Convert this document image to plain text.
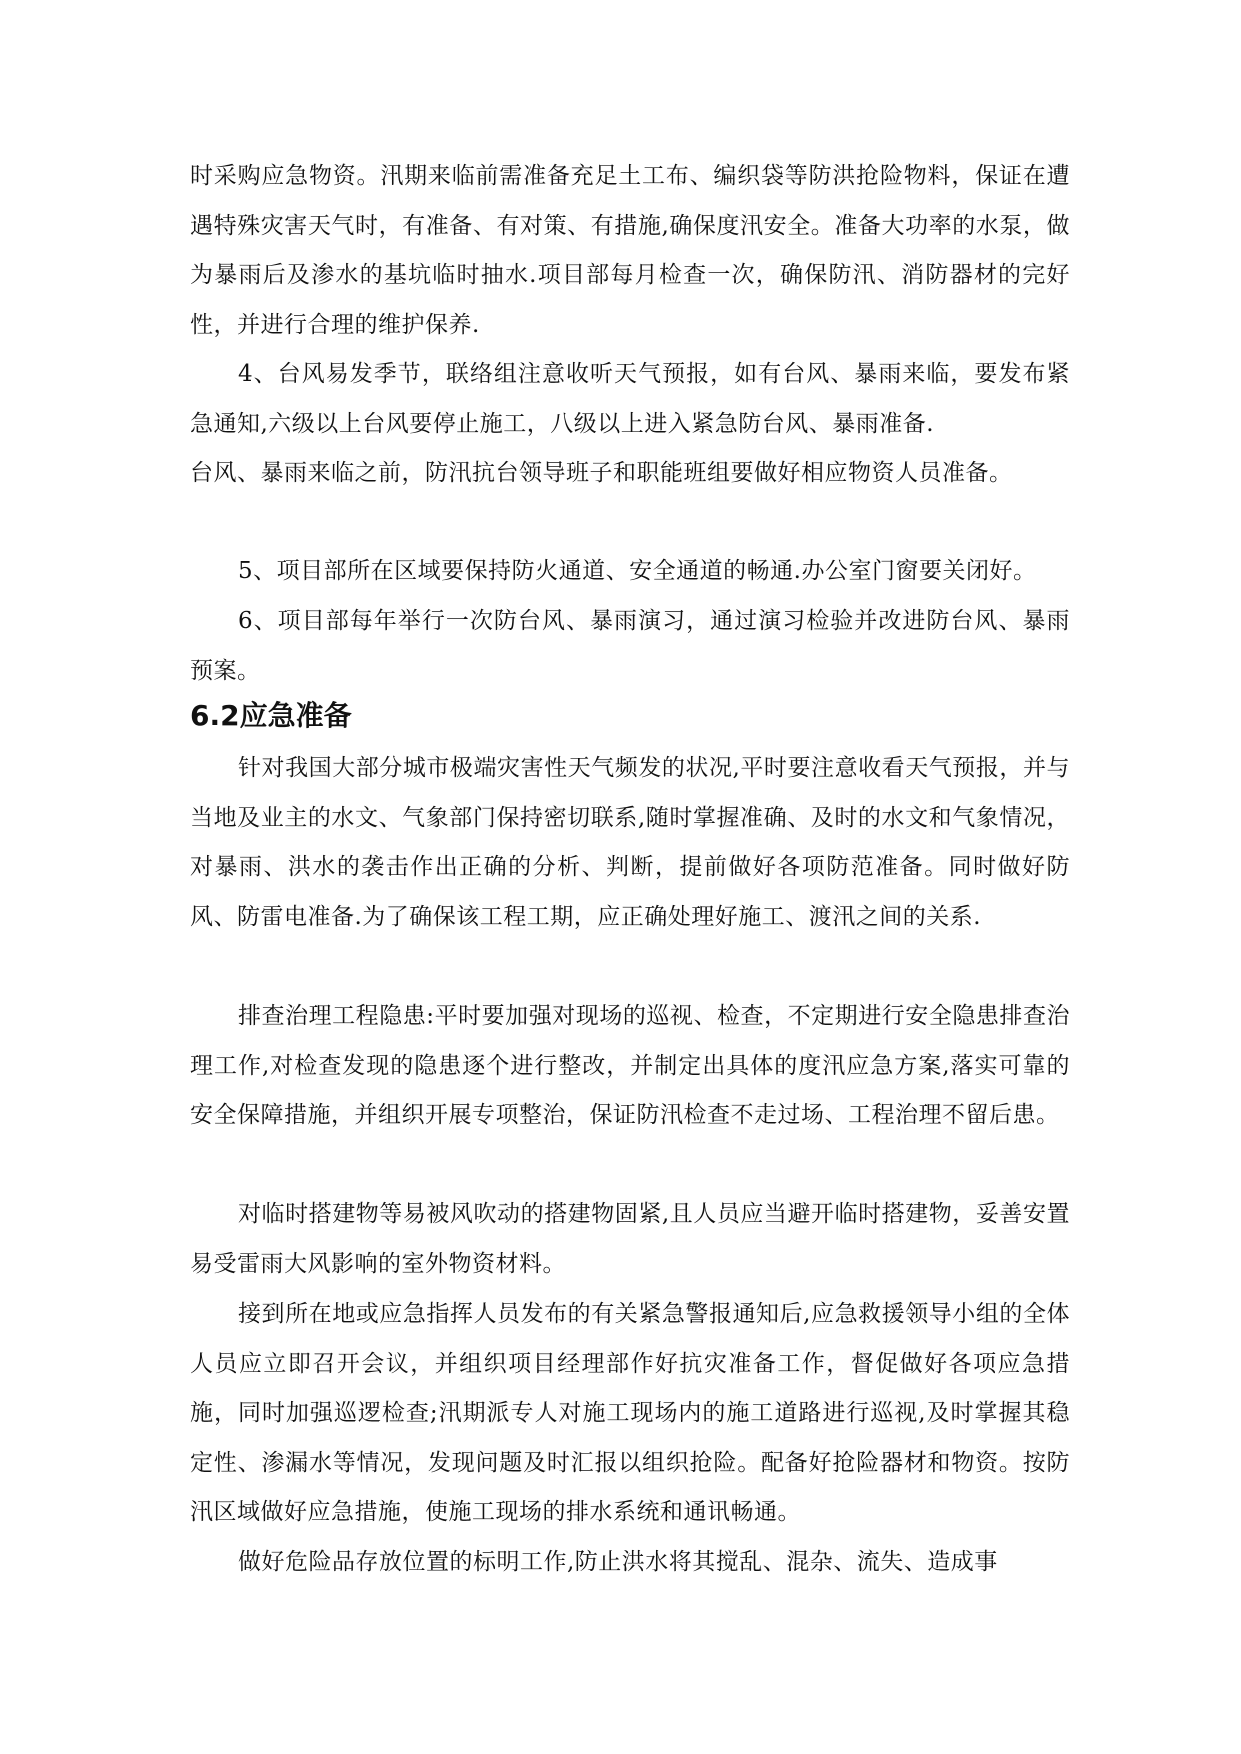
时采购应急物资。汛期来临前需准备充足土工布、编织袋等防洪抢险物料，保证在遭遇特殊灾害天气时，有准备、有对策、有措施,确保度汛安全。准备大功率的水泵，做为暴雨后及渗水的基坑临时抽水.项目部每月检查一次，确保防汛、消防器材的完好性，并进行合理的维护保养.

4、台风易发季节，联络组注意收听天气预报，如有台风、暴雨来临，要发布紧急通知,六级以上台风要停止施工，八级以上进入紧急防台风、暴雨准备.

台风、暴雨来临之前，防汛抗台领导班子和职能班组要做好相应物资人员准备。

5、项目部所在区域要保持防火通道、安全通道的畅通.办公室门窗要关闭好。

6、项目部每年举行一次防台风、暴雨演习，通过演习检验并改进防台风、暴雨预案。

6.2应急准备

针对我国大部分城市极端灾害性天气频发的状况,平时要注意收看天气预报，并与当地及业主的水文、气象部门保持密切联系,随时掌握准确、及时的水文和气象情况，对暴雨、洪水的袭击作出正确的分析、判断，提前做好各项防范准备。同时做好防风、防雷电准备.为了确保该工程工期，应正确处理好施工、渡汛之间的关系.

排查治理工程隐患:平时要加强对现场的巡视、检查，不定期进行安全隐患排查治理工作,对检查发现的隐患逐个进行整改，并制定出具体的度汛应急方案,落实可靠的安全保障措施，并组织开展专项整治，保证防汛检查不走过场、工程治理不留后患。

对临时搭建物等易被风吹动的搭建物固紧,且人员应当避开临时搭建物，妥善安置易受雷雨大风影响的室外物资材料。

接到所在地或应急指挥人员发布的有关紧急警报通知后,应急救援领导小组的全体人员应立即召开会议，并组织项目经理部作好抗灾准备工作，督促做好各项应急措施，同时加强巡逻检查;汛期派专人对施工现场内的施工道路进行巡视,及时掌握其稳定性、渗漏水等情况，发现问题及时汇报以组织抢险。配备好抢险器材和物资。按防汛区域做好应急措施，使施工现场的排水系统和通讯畅通。

做好危险品存放位置的标明工作,防止洪水将其搅乱、混杂、流失、造成事
